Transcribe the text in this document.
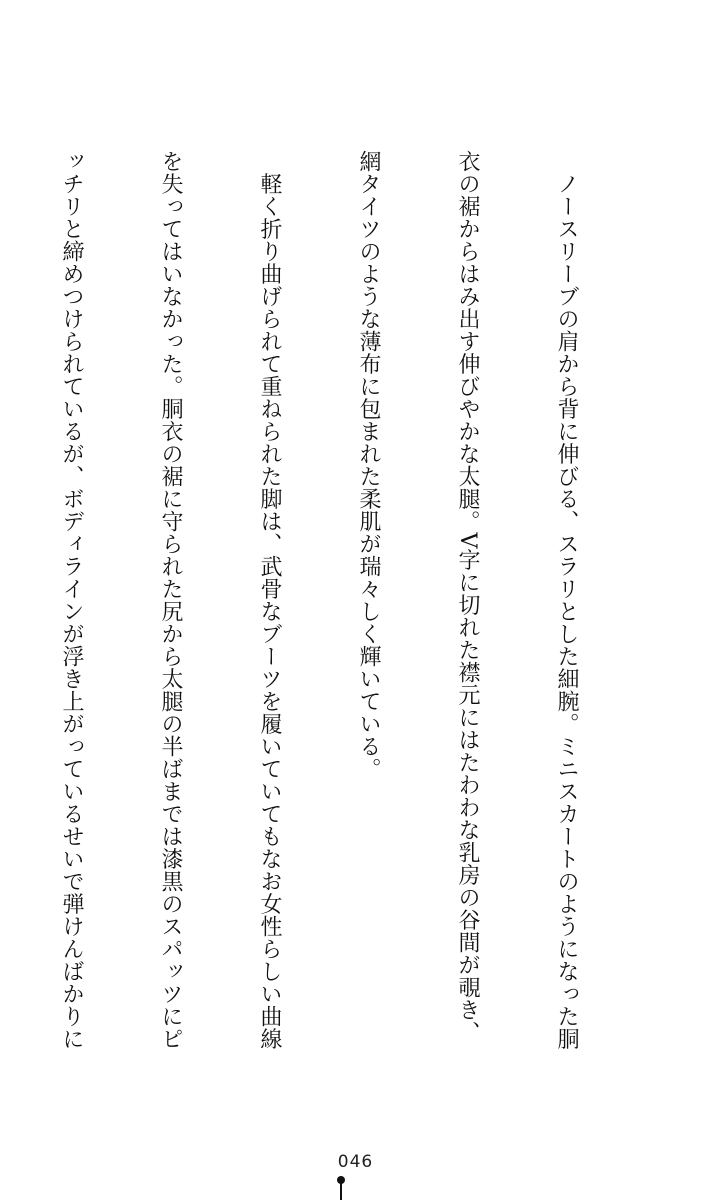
　ノースリーブの肩から背に伸びる、スラリとした細腕。ミニスカートのようになった胴

衣の裾からはみ出す伸びやかな太腿。V字に切れた襟元にはたわわな乳房の谷間が覗き、

網タイツのような薄布に包まれた柔肌が瑞々しく輝いている。

　軽く折り曲げられて重ねられた脚は、武骨なブーツを履いていてもなお女性らしい曲線

を失ってはいなかった。胴衣の裾に守られた尻から太腿の半ばまでは漆黒のスパッツにピ

ッチリと締めつけられているが、ボディラインが浮き上がっているせいで弾けんばかりに

046
